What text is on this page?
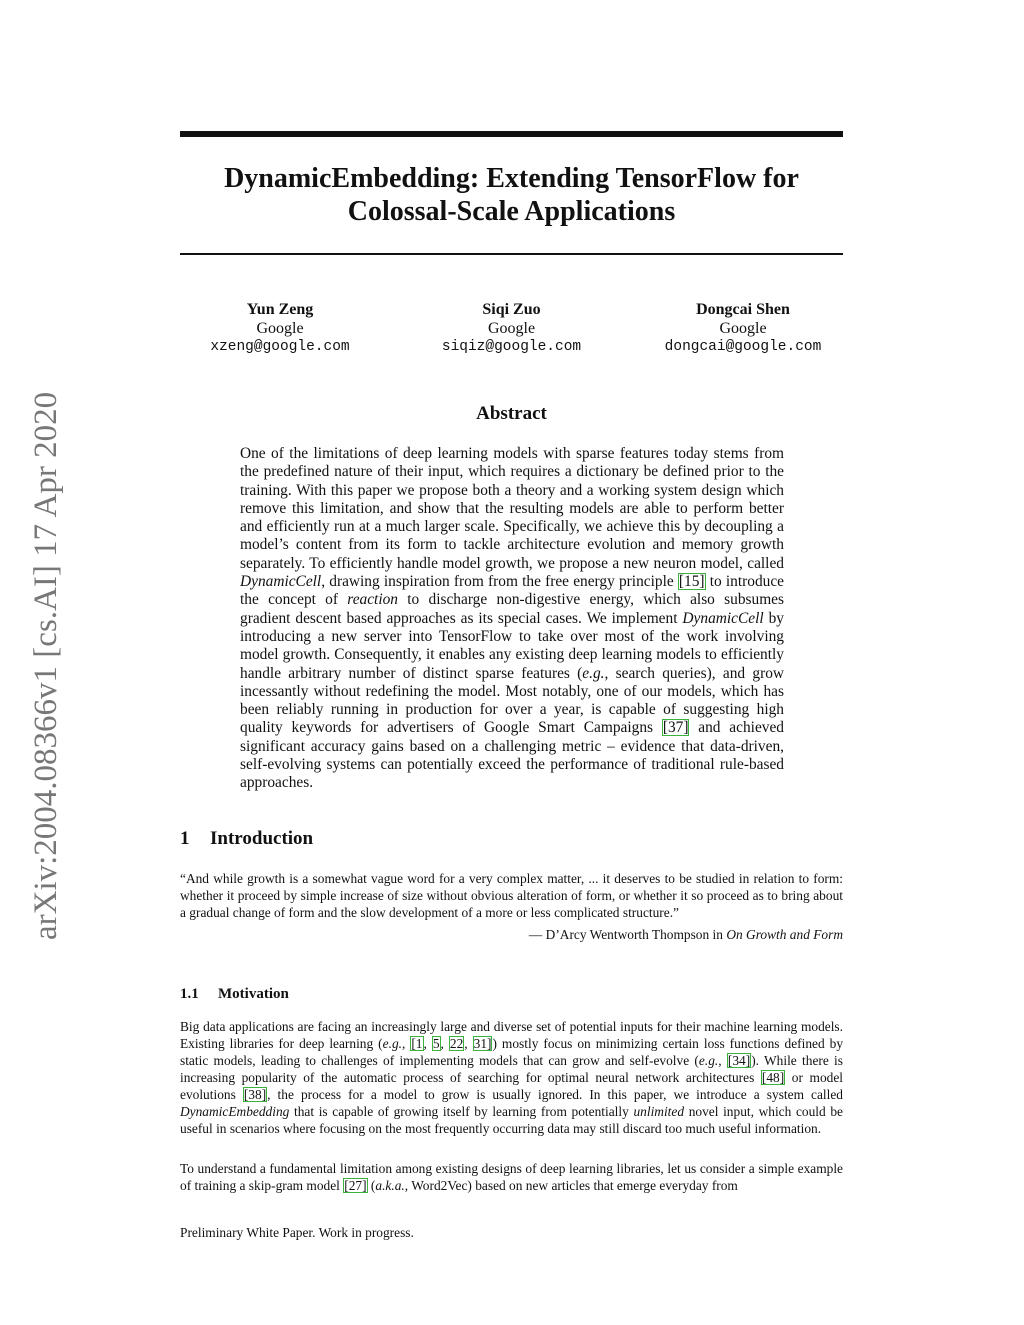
arXiv:2004.08366v1 [cs.AI] 17 Apr 2020
DynamicEmbedding: Extending TensorFlow for
Colossal-Scale Applications
Yun Zeng
Google
xzeng@google.com
Siqi Zuo
Google
siqiz@google.com
Dongcai Shen
Google
dongcai@google.com
Abstract
One of the limitations of deep learning models with sparse features today stems from the predefined nature of their input, which requires a dictionary be defined prior to the training. With this paper we propose both a theory and a working system design which remove this limitation, and show that the resulting models are able to perform better and efficiently run at a much larger scale. Specifically, we achieve this by decoupling a model’s content from its form to tackle architecture evolution and memory growth separately. To efficiently handle model growth, we propose a new neuron model, called DynamicCell, drawing inspiration from from the free energy principle [15] to introduce the concept of reaction to discharge non-digestive energy, which also subsumes gradient descent based approaches as its special cases. We implement DynamicCell by introducing a new server into TensorFlow to take over most of the work involving model growth. Consequently, it enables any existing deep learning models to efficiently handle arbitrary number of distinct sparse features (e.g., search queries), and grow incessantly without redefining the model. Most notably, one of our models, which has been reliably running in production for over a year, is capable of suggesting high quality keywords for advertisers of Google Smart Campaigns [37] and achieved significant accuracy gains based on a challenging metric – evidence that data-driven, self-evolving systems can potentially exceed the performance of traditional rule-based approaches.
1 Introduction
“And while growth is a somewhat vague word for a very complex matter, ... it deserves to be studied in relation to form: whether it proceed by simple increase of size without obvious alteration of form, or whether it so proceed as to bring about a gradual change of form and the slow development of a more or less complicated structure.”
— D’Arcy Wentworth Thompson in On Growth and Form
1.1 Motivation
Big data applications are facing an increasingly large and diverse set of potential inputs for their machine learning models. Existing libraries for deep learning (e.g., [1, 5, 22, 31]) mostly focus on minimizing certain loss functions defined by static models, leading to challenges of implementing models that can grow and self-evolve (e.g., [34]). While there is increasing popularity of the automatic process of searching for optimal neural network architectures [48] or model evolutions [38], the process for a model to grow is usually ignored. In this paper, we introduce a system called DynamicEmbedding that is capable of growing itself by learning from potentially unlimited novel input, which could be useful in scenarios where focusing on the most frequently occurring data may still discard too much useful information.
To understand a fundamental limitation among existing designs of deep learning libraries, let us consider a simple example of training a skip-gram model [27] (a.k.a., Word2Vec) based on new articles that emerge everyday from
Preliminary White Paper. Work in progress.
